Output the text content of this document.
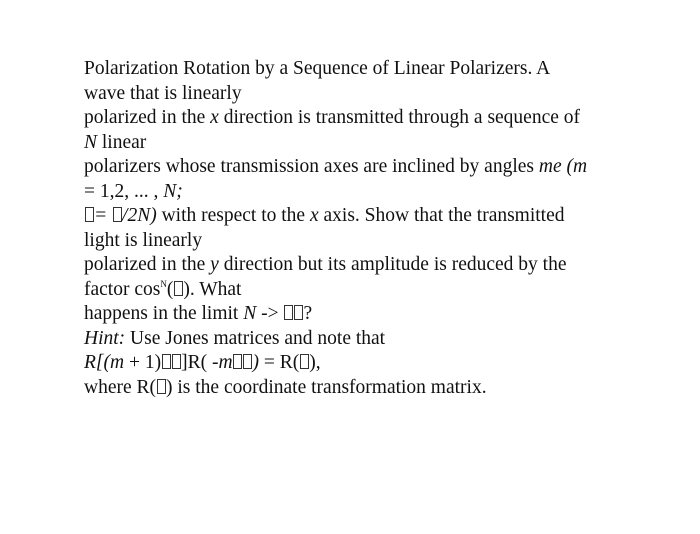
Polarization Rotation by a Sequence of Linear Polarizers. A
wave that is linearly
polarized in the x direction is transmitted through a sequence of
N linear
polarizers whose transmission axes are inclined by angles me (m
= 1,2, ... , N;
= /2N) with respect to the x axis. Show that the transmitted
light is linearly
polarized in the y direction but its amplitude is reduced by the
factor $\cos^N$( ). What
happens in the limit N -> ?
Hint: Use Jones matrices and note that
R[(m + 1) ]R( -m ) = R( ),
where R( ) is the coordinate transformation matrix.
